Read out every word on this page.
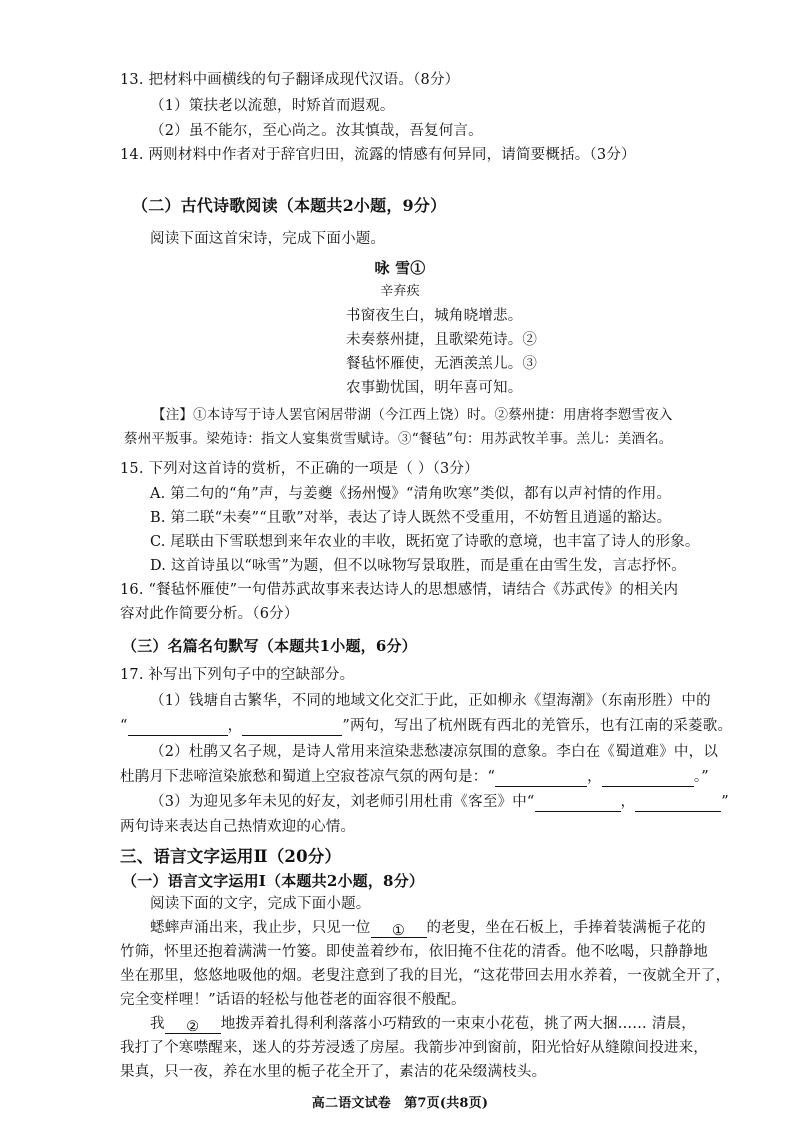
13. 把材料中画横线的句子翻译成现代汉语。（8分）
（1）策扶老以流憩，时矫首而遐观。
（2）虽不能尔，至心尚之。汝其慎哉，吾复何言。
14. 两则材料中作者对于辞官归田，流露的情感有何异同，请简要概括。（3分）
（二）古代诗歌阅读（本题共2小题，9分）
阅读下面这首宋诗，完成下面小题。
咏 雪①
辛弃疾
书窗夜生白，城角晓增悲。
未奏蔡州捷，且歌梁苑诗。②
餐毡怀雁使，无酒羡羔儿。③
农事勤忧国，明年喜可知。
【注】①本诗写于诗人罢官闲居带湖（今江西上饶）时。②蔡州捷：用唐将李愬雪夜入
蔡州平叛事。梁苑诗：指文人宴集赏雪赋诗。③“餐毡”句：用苏武牧羊事。羔儿：美酒名。
15. 下列对这首诗的赏析，不正确的一项是（ ）（3分）
A. 第二句的“角”声，与姜夔《扬州慢》“清角吹寒”类似，都有以声衬情的作用。
B. 第二联“未奏”“且歌”对举，表达了诗人既然不受重用，不妨暂且逍遥的豁达。
C. 尾联由下雪联想到来年农业的丰收，既拓宽了诗歌的意境，也丰富了诗人的形象。
D. 这首诗虽以“咏雪”为题，但不以咏物写景取胜，而是重在由雪生发，言志抒怀。
16. “餐毡怀雁使”一句借苏武故事来表达诗人的思想感情，请结合《苏武传》的相关内
容对此作简要分析。（6分）
（三）名篇名句默写（本题共1小题，6分）
17. 补写出下列句子中的空缺部分。
（1）钱塘自古繁华，不同的地域文化交汇于此，正如柳永《望海潮》（东南形胜）中的
“	，	”两句，写出了杭州既有西北的羌管乐，也有江南的采菱歌。
（2）杜鹃又名子规，是诗人常用来渲染悲愁凄凉氛围的意象。李白在《蜀道难》中，以
杜鹃月下悲啼渲染旅愁和蜀道上空寂苍凉气氛的两句是：“	，	。”
（3）为迎见多年未见的好友，刘老师引用杜甫《客至》中“	，	”
两句诗来表达自己热情欢迎的心情。
三、语言文字运用Ⅱ（20分）
（一）语言文字运用Ⅰ（本题共2小题，8分）
阅读下面的文字，完成下面小题。
蟋蟀声涌出来，我止步，只见一位 ① 的老叟，坐在石板上，手捧着装满栀子花的
竹筛，怀里还抱着满满一竹篓。即使盖着纱布，依旧掩不住花的清香。他不吆喝，只静静地
坐在那里，悠悠地吸他的烟。老叟注意到了我的目光，“这花带回去用水养着，一夜就全开了，
完全变样哩！”话语的轻松与他苍老的面容很不般配。
我 ② 地拨弄着扎得利利落落小巧精致的一束束小花苞，挑了两大捆…… 清晨，
我打了个寒噤醒来，迷人的芬芳浸透了房屋。我箭步冲到窗前，阳光恰好从缝隙间投进来，
果真，只一夜，养在水里的栀子花全开了，素洁的花朵缀满枝头。
高二语文试卷　第7页(共8页)
